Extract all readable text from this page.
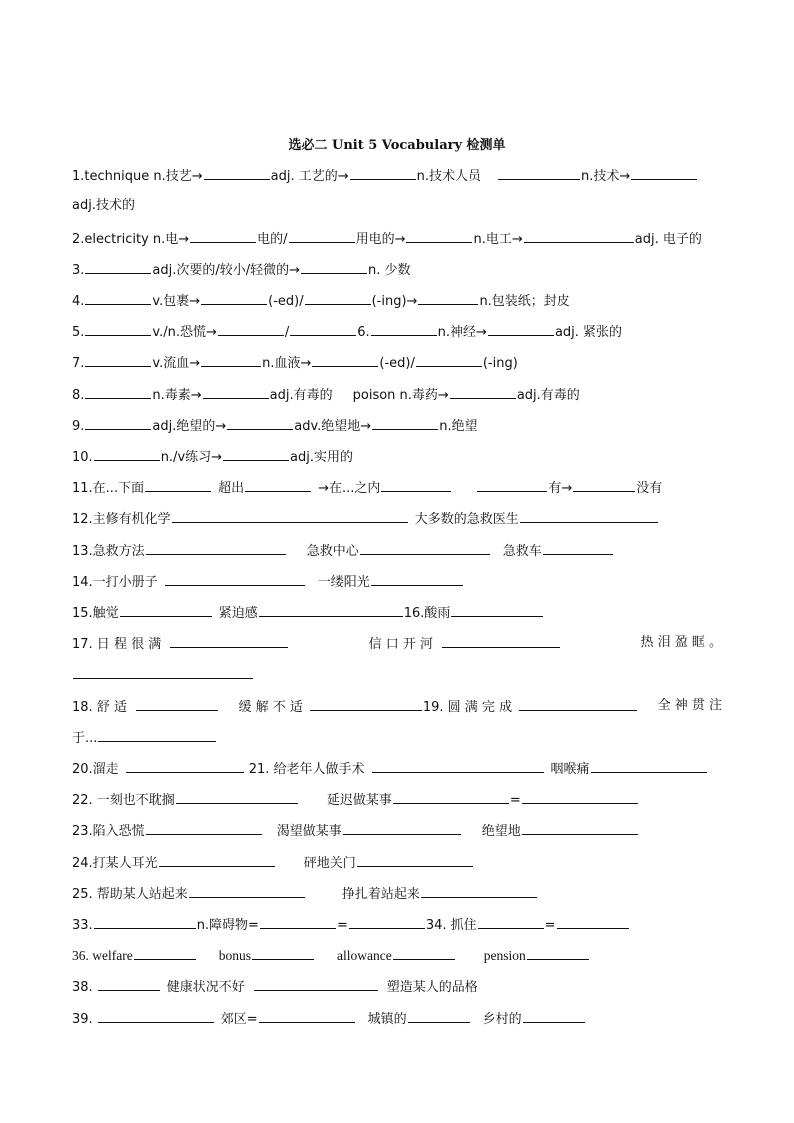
选必二 Unit 5 Vocabulary 检测单
1.technique n.技艺→	adj. 工艺的→	n.技术人员	n.技术→
adj.技术的
2.electricity n.电→	电的/	用电的→	n.电工→	adj. 电子的
3.	adj.次要的/较小/轻微的→	n. 少数
4.	v.包裹→	(-ed)/	(-ing)→	n.包装纸；封皮
5.	v./n.恐慌→	/	6.	n.神经→	adj. 紧张的
7.	v.流血→	n.血液→	(-ed)/	(-ing)
8.	n.毒素→	adj.有毒的 poison n.毒药→	adj.有毒的
9.	adj.绝望的→	adv.绝望地→	n.绝望
10.	n./v练习→	adj.实用的
11.在...下面	超出	→在...之内	有→	没有
12.主修有机化学	大多数的急救医生
13.急救方法	急救中心	急救车
14.一打小册子	一缕阳光
15.触觉	紧迫感	16.酸雨
17. 日 程 很 满	信 口 开 河	热 泪 盈 眶 。
18. 舒 适	缓 解 不 适	19. 圆 满 完 成	全 神 贯 注
于...
20.溜走	21. 给老年人做手术	咽喉痛
22. 一刻也不耽搁	延迟做某事	=
23.陷入恐慌	渴望做某事	绝望地
24.打某人耳光	砰地关门
25. 帮助某人站起来	挣扎着站起来
33.	n.障碍物=	=	34. 抓住	=
36. welfare	bonus	allowance	pension
38.	健康状况不好	塑造某人的品格
39.	郊区=	城镇的	乡村的
